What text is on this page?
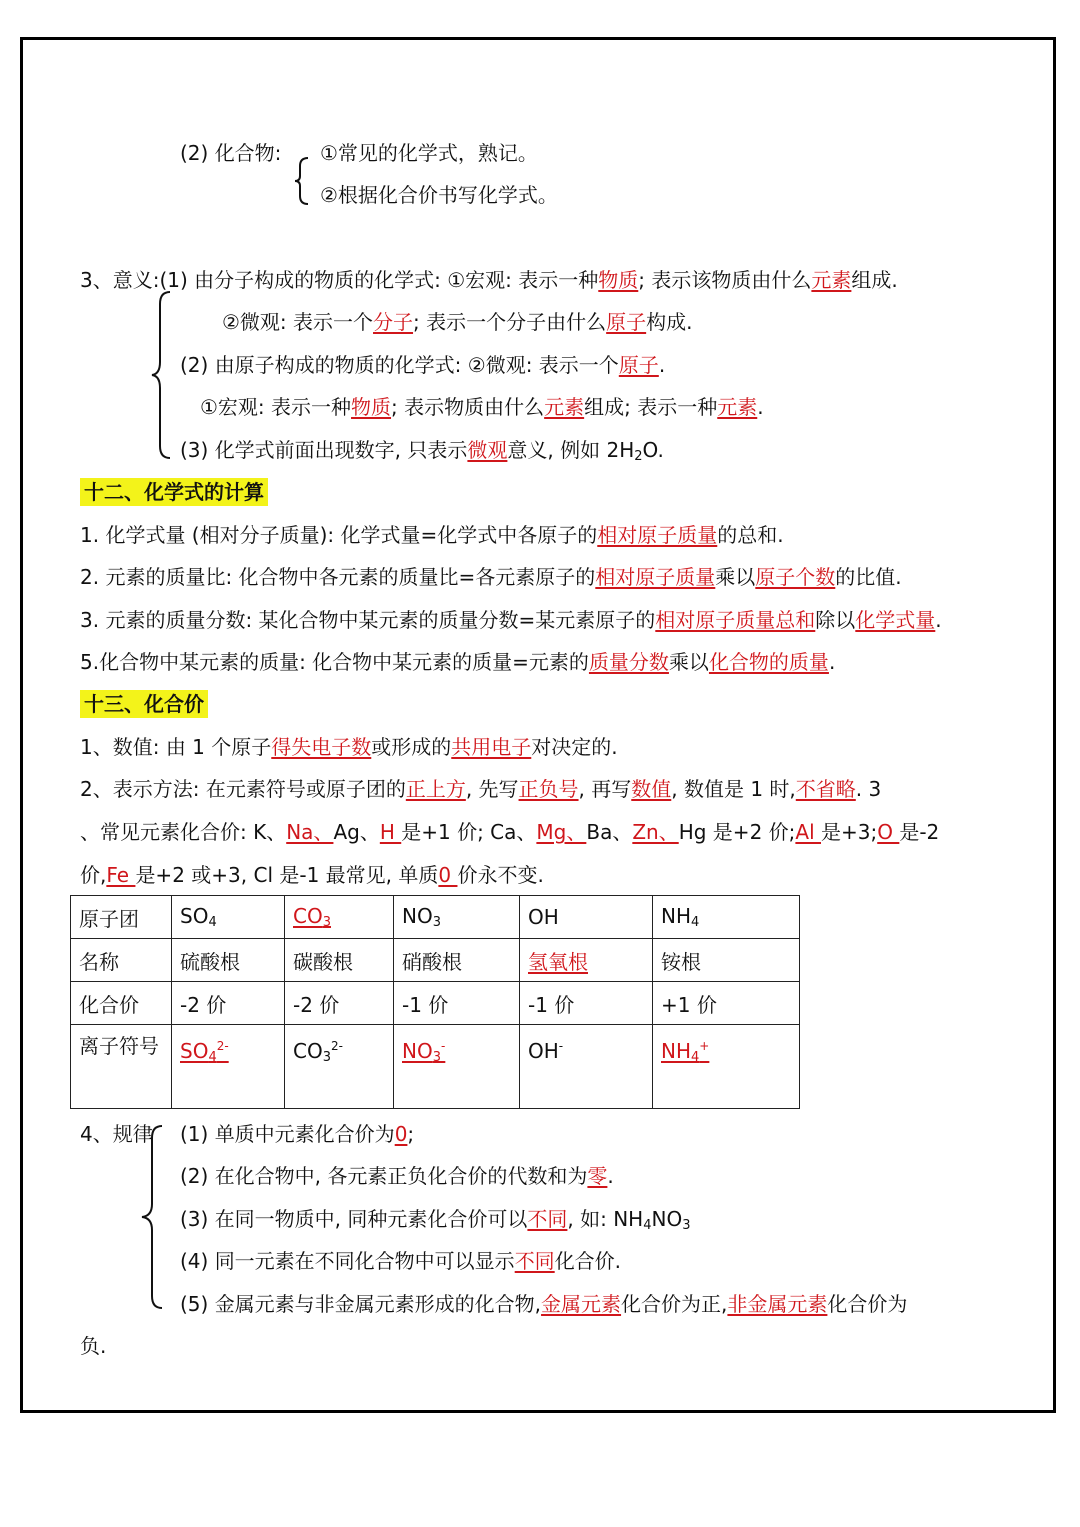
(2) 化合物: ①常见的化学式，熟记。
②根据化合价书写化学式。
3、意义:(1) 由分子构成的物质的化学式: ①宏观: 表示一种物质; 表示该物质由什么元素组成.
②微观: 表示一个分子; 表示一个分子由什么原子构成.
(2) 由原子构成的物质的化学式: ②微观: 表示一个原子.
①宏观: 表示一种物质; 表示物质由什么元素组成; 表示一种元素.
(3) 化学式前面出现数字, 只表示微观意义, 例如 $2H_2O$.
十二、化学式的计算
1. 化学式量 (相对分子质量): 化学式量=化学式中各原子的相对原子质量的总和.
2. 元素的质量比: 化合物中各元素的质量比=各元素原子的相对原子质量乘以原子个数的比值.
3. 元素的质量分数: 某化合物中某元素的质量分数=某元素原子的相对原子质量总和除以化学式量.
5.化合物中某元素的质量: 化合物中某元素的质量=元素的质量分数乘以化合物的质量.
十三、化合价
1、数值: 由 1 个原子得失电子数或形成的共用电子对决定的.
2、表示方法: 在元素符号或原子团的正上方, 先写正负号, 再写数值, 数值是 1 时,不省略. 3
、常见元素化合价: K、Na、Ag、H 是+1 价; Ca、Mg、Ba、Zn、Hg 是+2 价;Al 是+3;O 是-2
价,Fe 是+2 或+3, Cl 是-1 最常见, 单质0 价永不变.
原子团	$SO_4$	$CO_3$	$NO_3$	OH	$NH_4$
名称	硫酸根	碳酸根	硝酸根	氢氧根	铵根
化合价	-2 价	-2 价	-1 价	-1 价	+1 价
离子符号	$SO_4^{2-}$	$CO_3^{2-}$	$NO_3^-$	OH-	$NH_4^+$
4、规律 (1) 单质中元素化合价为0;
(2) 在化合物中, 各元素正负化合价的代数和为零.
(3) 在同一物质中, 同种元素化合价可以不同, 如: $NH_4NO_3$
(4) 同一元素在不同化合物中可以显示不同化合价.
(5) 金属元素与非金属元素形成的化合物,金属元素化合价为正,非金属元素化合价为
负.
